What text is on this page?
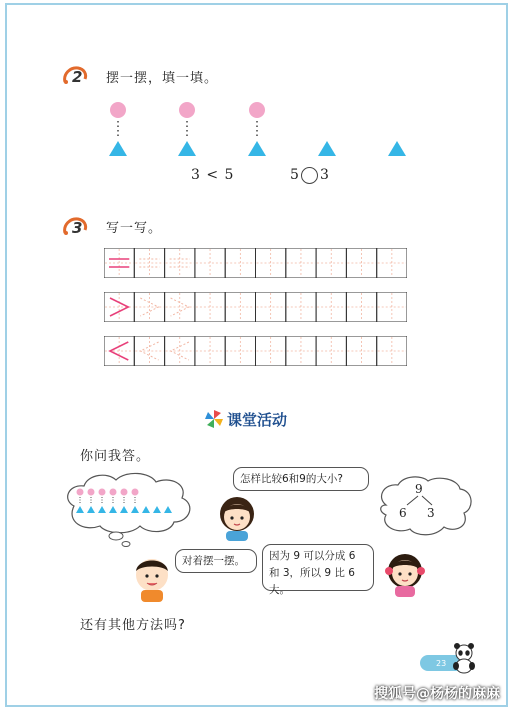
2 摆一摆，填一填。
3 < 5	5 3
3 写一写。
课堂活动
你问我答。
怎样比较6和9的大小?
9
6 3
对着摆一摆。	因为 9 可以分成 6
和 3，所以 9 比 6 大。
还有其他方法吗?
23
搜狐号@杨杨的麻麻
